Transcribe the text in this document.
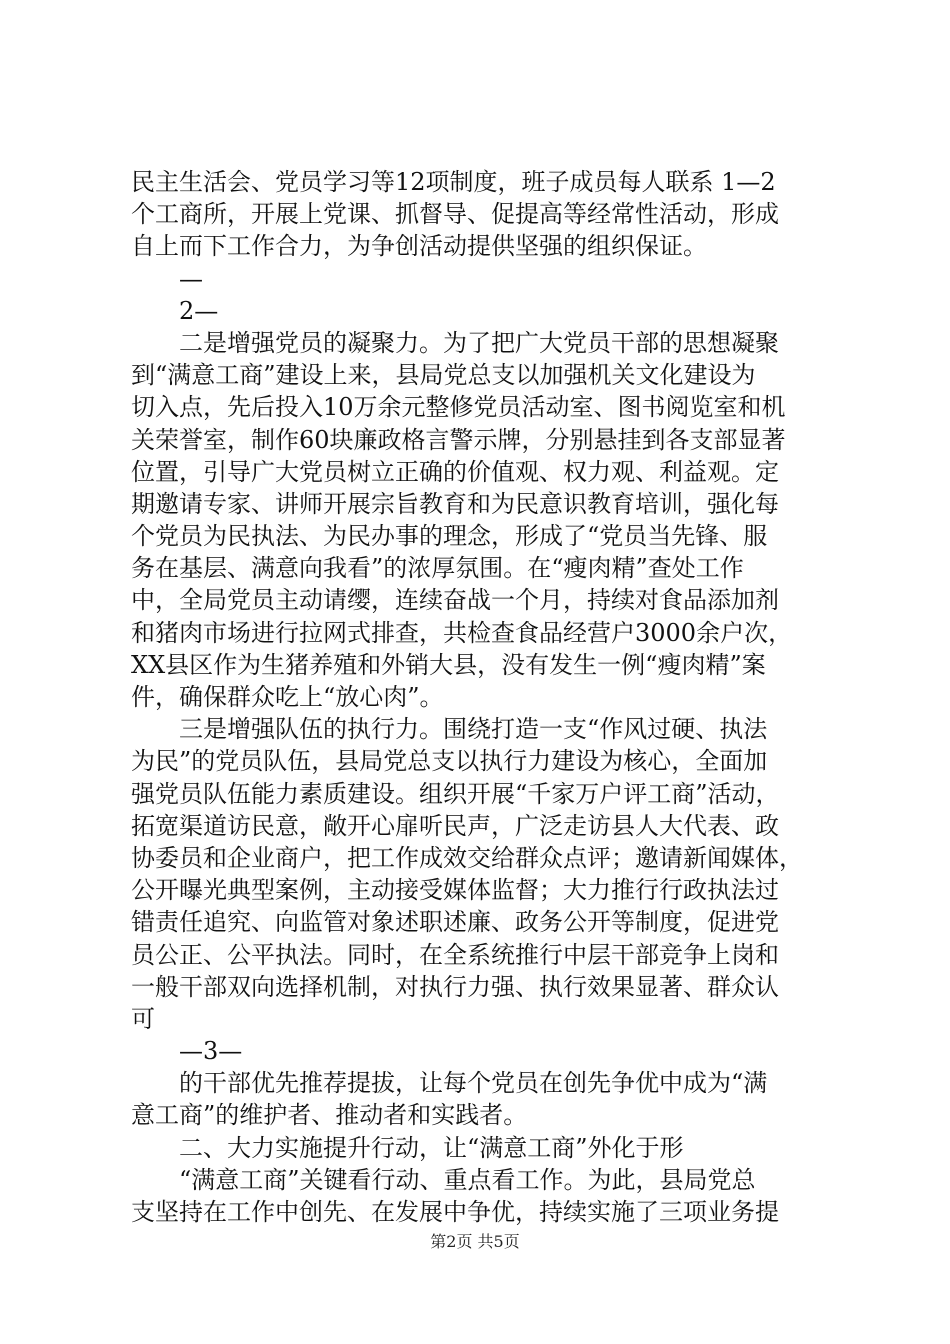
民主生活会、党员学习等12项制度，班子成员每人联系 1—2
个工商所，开展上党课、抓督导、促提高等经常性活动，形成
自上而下工作合力，为争创活动提供坚强的组织保证。
　　—
　　2—
　　二是增强党员的凝聚力。为了把广大党员干部的思想凝聚
到“满意工商”建设上来，县局党总支以加强机关文化建设为
切入点，先后投入10万余元整修党员活动室、图书阅览室和机
关荣誉室，制作60块廉政格言警示牌，分别悬挂到各支部显著
位置，引导广大党员树立正确的价值观、权力观、利益观。定
期邀请专家、讲师开展宗旨教育和为民意识教育培训，强化每
个党员为民执法、为民办事的理念，形成了“党员当先锋、服
务在基层、满意向我看”的浓厚氛围。在“瘦肉精”查处工作
中，全局党员主动请缨，连续奋战一个月，持续对食品添加剂
和猪肉市场进行拉网式排查，共检查食品经营户3000余户次，
XX县区作为生猪养殖和外销大县，没有发生一例“瘦肉精”案
件，确保群众吃上“放心肉”。
　　三是增强队伍的执行力。围绕打造一支“作风过硬、执法
为民”的党员队伍，县局党总支以执行力建设为核心，全面加
强党员队伍能力素质建设。组织开展“千家万户评工商”活动，
拓宽渠道访民意，敞开心扉听民声，广泛走访县人大代表、政
协委员和企业商户，把工作成效交给群众点评；邀请新闻媒体，
公开曝光典型案例，主动接受媒体监督；大力推行行政执法过
错责任追究、向监管对象述职述廉、政务公开等制度，促进党
员公正、公平执法。同时，在全系统推行中层干部竞争上岗和
一般干部双向选择机制，对执行力强、执行效果显著、群众认
可
　　—3—
　　的干部优先推荐提拔，让每个党员在创先争优中成为“满
意工商”的维护者、推动者和实践者。
　　二、大力实施提升行动，让“满意工商”外化于形
　　“满意工商”关键看行动、重点看工作。为此，县局党总
支坚持在工作中创先、在发展中争优，持续实施了三项业务提
第2页 共5页
